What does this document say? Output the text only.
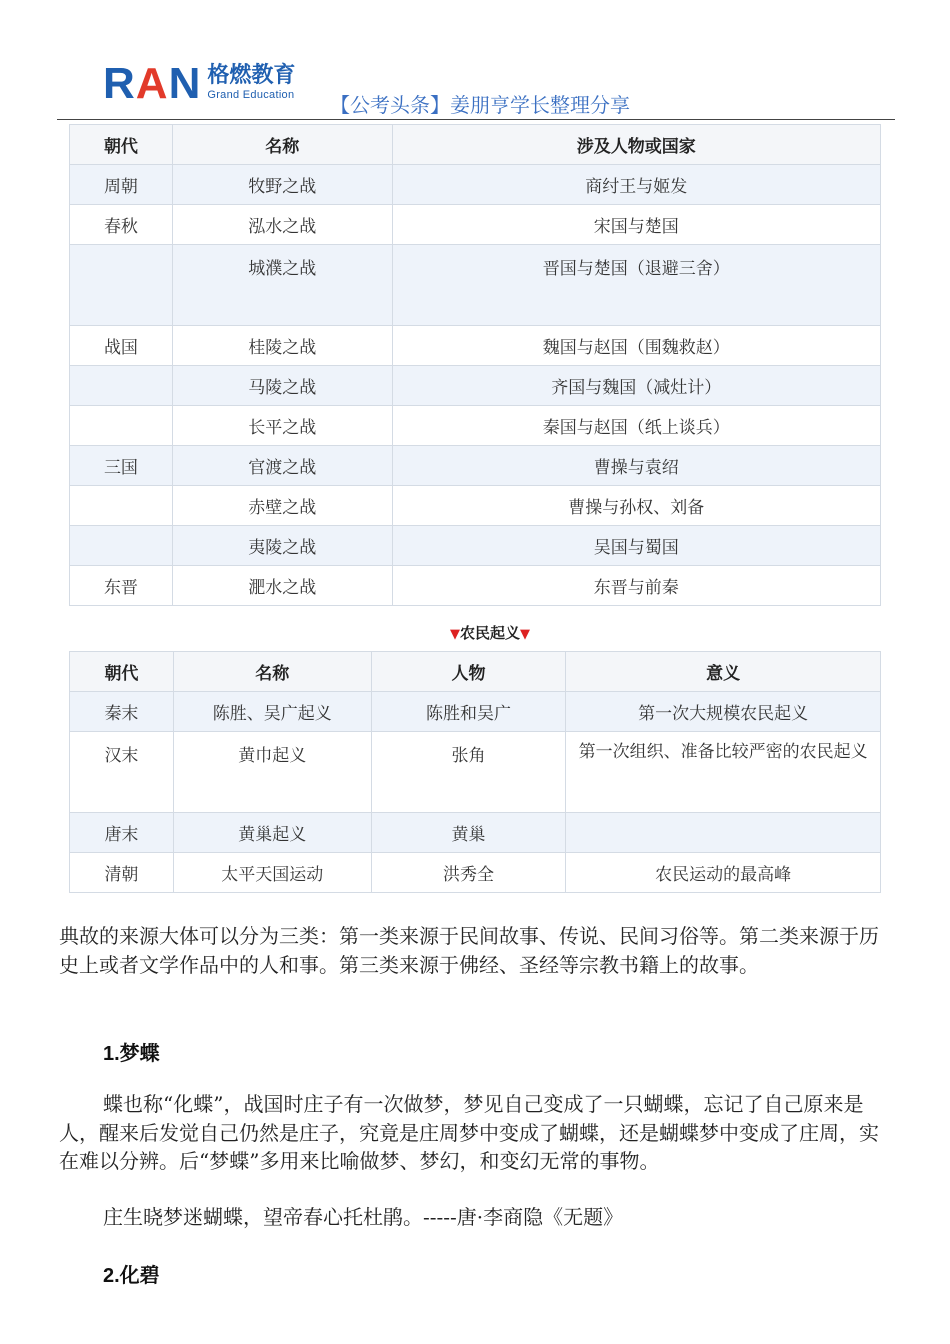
RAN 格燃教育
Grand Education 【公考头条】姜朋亨学长整理分享
朝代	名称	涉及人物或国家
周朝	牧野之战	商纣王与姬发
春秋	泓水之战	宋国与楚国
	城濮之战	晋国与楚国（退避三舍）
战国	桂陵之战	魏国与赵国（围魏救赵）
	马陵之战	齐国与魏国（减灶计）
	长平之战	秦国与赵国（纸上谈兵）
三国	官渡之战	曹操与袁绍
	赤壁之战	曹操与孙权、刘备
	夷陵之战	吴国与蜀国
东晋	淝水之战	东晋与前秦
▼农民起义▼
朝代	名称	人物	意义
秦末	陈胜、吴广起义	陈胜和吴广	第一次大规模农民起义
汉末	黄巾起义	张角	第一次组织、准备比较严密的农民起义
唐末	黄巢起义	黄巢	
清朝	太平天国运动	洪秀全	农民运动的最高峰
典故的来源大体可以分为三类：第一类来源于民间故事、传说、民间习俗等。第二类来源于历史上或者文学作品中的人和事。第三类来源于佛经、圣经等宗教书籍上的故事。
1.梦蝶
蝶也称“化蝶”，战国时庄子有一次做梦，梦见自己变成了一只蝴蝶，忘记了自己原来是人，醒来后发觉自己仍然是庄子，究竟是庄周梦中变成了蝴蝶，还是蝴蝶梦中变成了庄周，实在难以分辨。后“梦蝶”多用来比喻做梦、梦幻，和变幻无常的事物。
庄生晓梦迷蝴蝶，望帝春心托杜鹃。-----唐·李商隐《无题》
2.化碧
